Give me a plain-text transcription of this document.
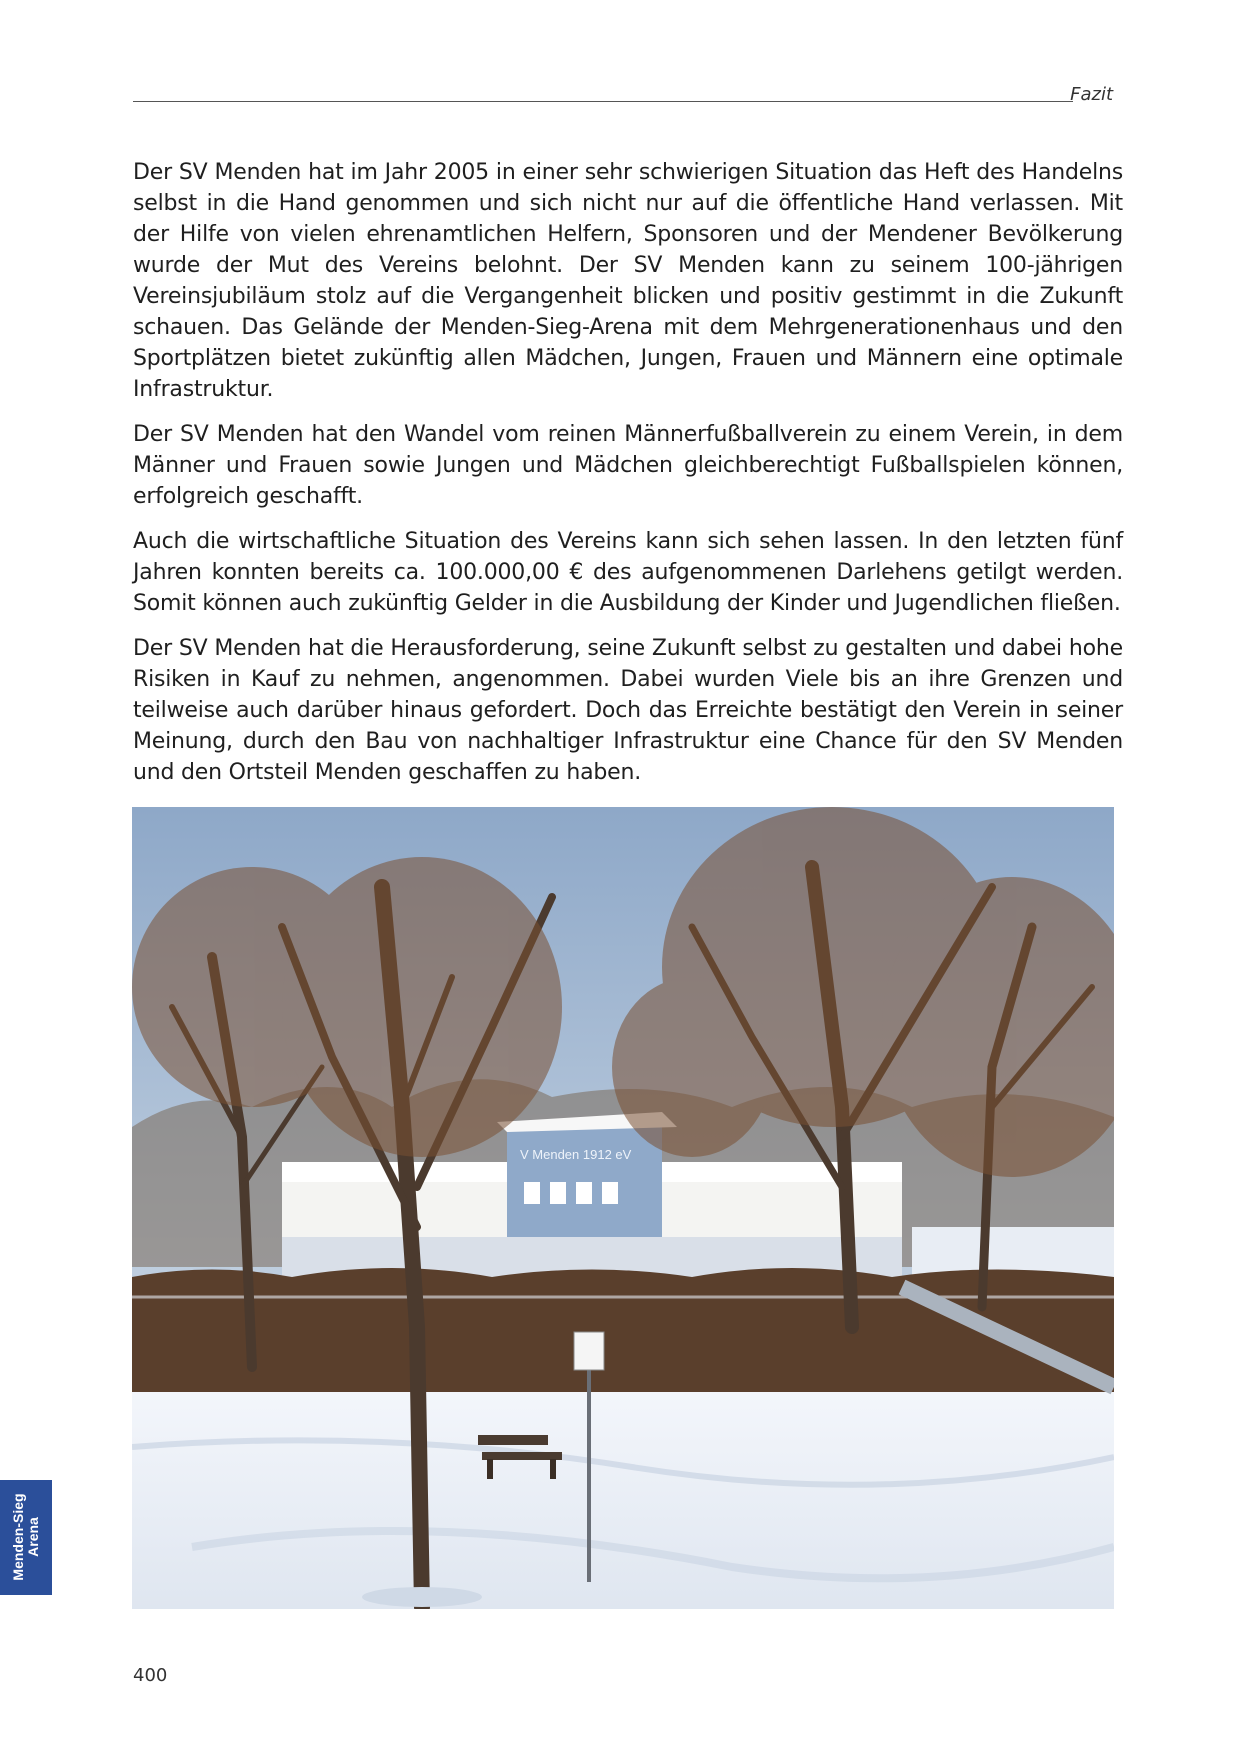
Fazit

Der SV Menden hat im Jahr 2005 in einer sehr schwierigen Situation das Heft des Handelns selbst in die Hand genommen und sich nicht nur auf die öffentliche Hand verlassen. Mit der Hilfe von vielen ehrenamtlichen Helfern, Sponsoren und der Mendener Bevölkerung wurde der Mut des Vereins belohnt. Der SV Menden kann zu seinem 100-jährigen Vereinsjubiläum stolz auf die Vergangenheit blicken und positiv gestimmt in die Zukunft schauen. Das Gelände der Menden-Sieg-Arena mit dem Mehrgenerationenhaus und den Sportplätzen bietet zukünftig allen Mädchen, Jungen, Frauen und Männern eine optimale Infrastruktur.

Der SV Menden hat den Wandel vom reinen Männerfußballverein zu einem Verein, in dem Männer und Frauen sowie Jungen und Mädchen gleichberechtigt Fußballspielen können, erfolgreich geschafft.

Auch die wirtschaftliche Situation des Vereins kann sich sehen lassen. In den letzten fünf Jahren konnten bereits ca. 100.000,00 € des aufgenommenen Darlehens getilgt werden. Somit können auch zukünftig Gelder in die Ausbildung der Kinder und Jugendlichen fließen.

Der SV Menden hat die Herausforderung, seine Zukunft selbst zu gestalten und dabei hohe Risiken in Kauf zu nehmen, angenommen. Dabei wurden Viele bis an ihre Grenzen und teilweise auch darüber hinaus gefordert. Doch das Erreichte bestätigt den Verein in seiner Meinung, durch den Bau von nachhaltiger Infrastruktur eine Chance für den SV Menden und den Ortsteil Menden geschaffen zu haben.

V Menden 1912 eV
Menden-Sieg Arena
400
